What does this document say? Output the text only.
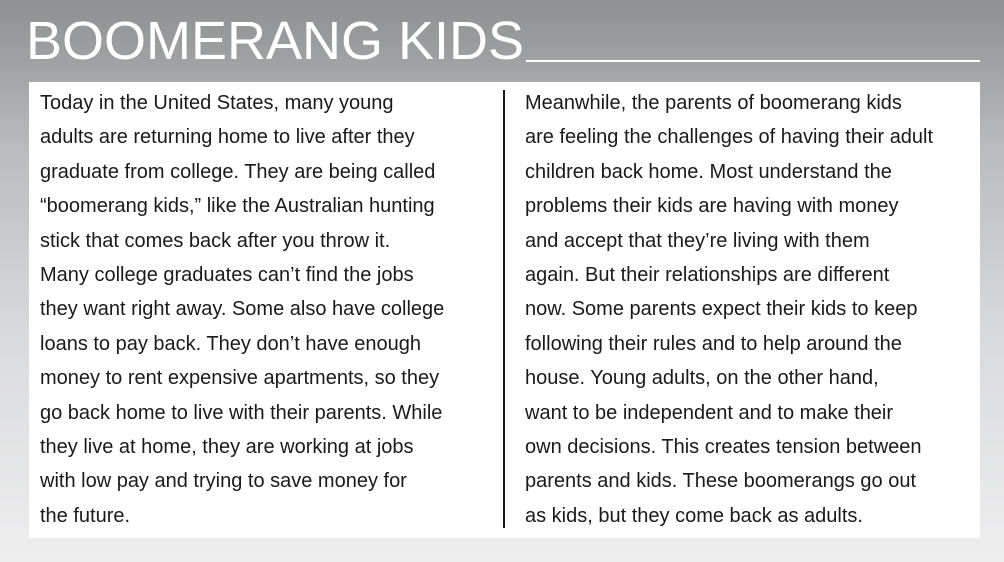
BOOMERANG KIDS

Today in the United States, many young
adults are returning home to live after they
graduate from college. They are being called
“boomerang kids,” like the Australian hunting
stick that comes back after you throw it.
Many college graduates can’t find the jobs
they want right away. Some also have college
loans to pay back. They don’t have enough
money to rent expensive apartments, so they
go back home to live with their parents. While
they live at home, they are working at jobs
with low pay and trying to save money for
the future.

Meanwhile, the parents of boomerang kids
are feeling the challenges of having their adult
children back home. Most understand the
problems their kids are having with money
and accept that they’re living with them
again. But their relationships are different
now. Some parents expect their kids to keep
following their rules and to help around the
house. Young adults, on the other hand,
want to be independent and to make their
own decisions. This creates tension between
parents and kids. These boomerangs go out
as kids, but they come back as adults.
